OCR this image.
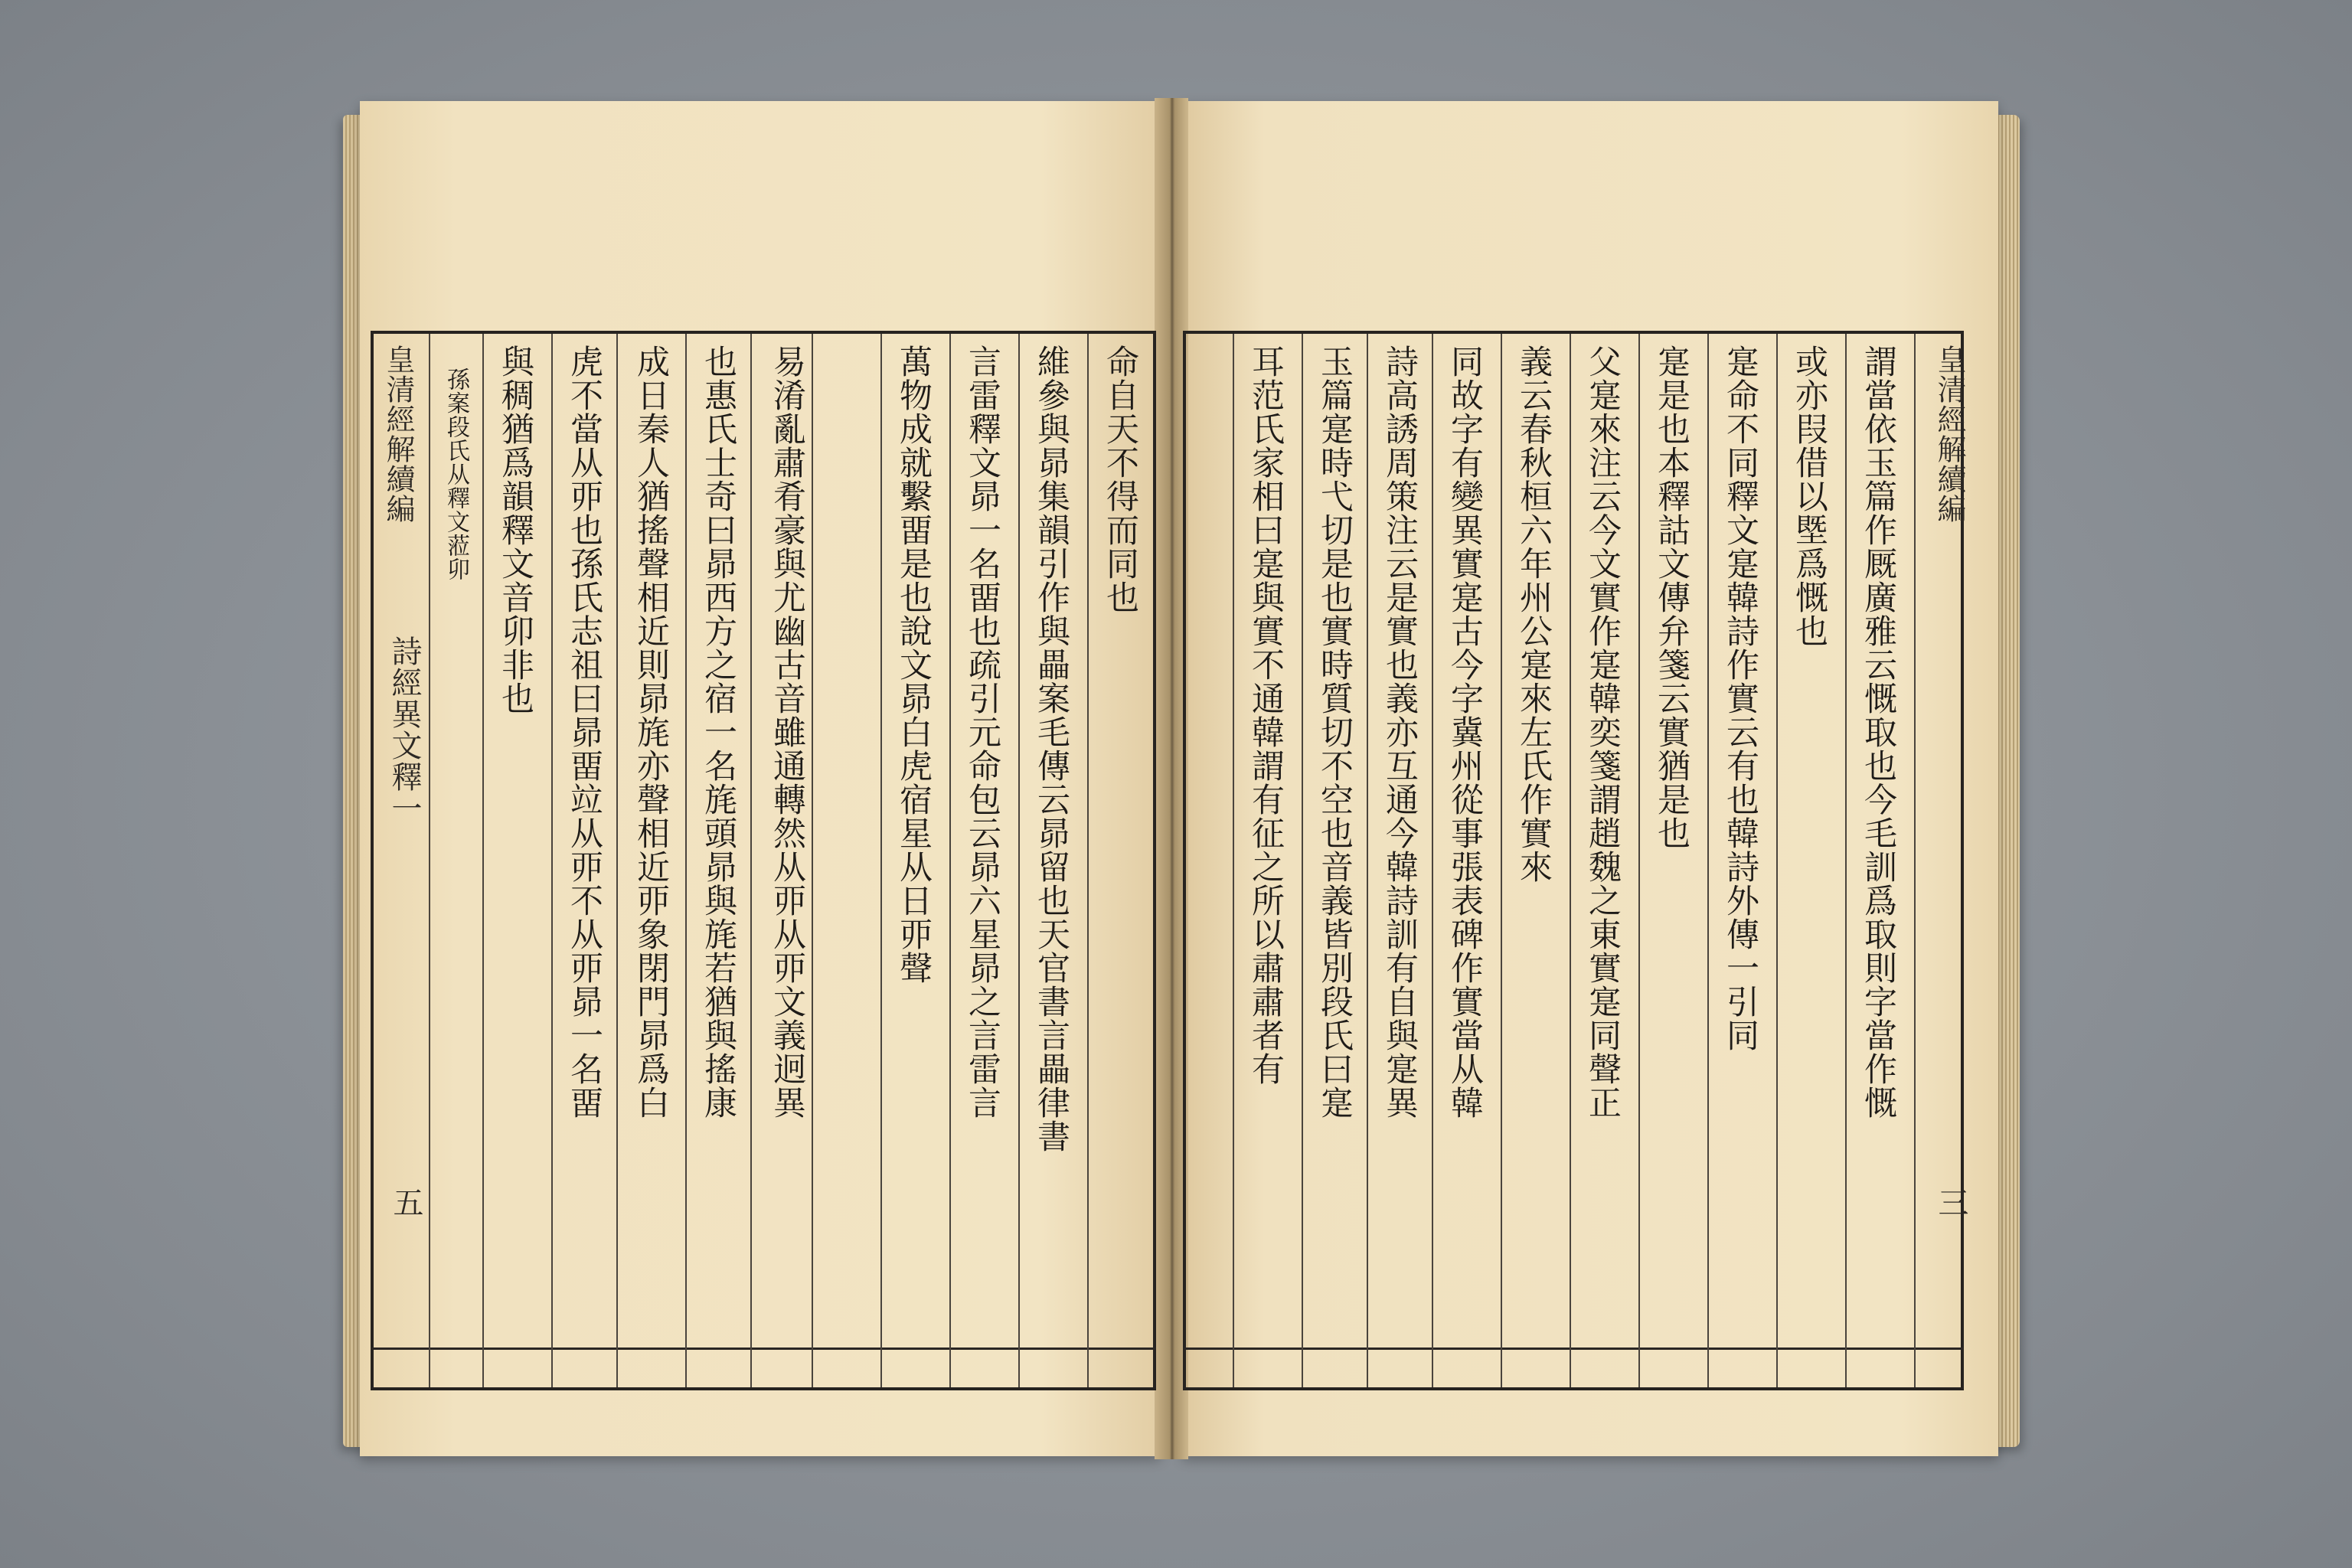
命自天不得而同也
維參與昴集韻引作與畾案毛傳云昴留也天官書言畾律書
言雷釋文昴一名畱也疏引元命包云昴六星昴之言雷言
萬物成就繫畱是也說文昴白虎宿星从日丣聲
易淆亂肅肴豪與尤幽古音雖通轉然从丣从丣文義迥異
也惠氏士奇曰昴西方之宿一名旄頭昴與旄若猶與搖康
成日秦人猶搖聲相近則昴旄亦聲相近丣象閉門昴爲白
虎不當从丣也孫氏志祖曰昴畱竝从丣不从丣昴一名畱
與稠猶爲韻釋文音卯非也
孫案段氏从釋文蒞卯
皇清經解續編
詩經異文釋一
五
皇清經解續編
三
謂當依玉篇作厩廣雅云慨取也今毛訓爲取則字當作慨
或亦叚借以塈爲慨也
寔命不同釋文寔韓詩作實云有也韓詩外傳一引同
寔是也本釋詁文傳弁箋云實猶是也
父寔來注云今文實作寔韓奕箋謂趙魏之東實寔同聲正
義云春秋桓六年州公寔來左氏作實來
同故字有變異實寔古今字冀州從事張表碑作實當从韓
詩高誘周策注云是實也義亦互通今韓詩訓有自與寔異
玉篇寔時弋切是也實時質切不空也音義皆別段氏曰寔
耳范氏家相曰寔與實不通韓謂有征之所以肅肅者有
